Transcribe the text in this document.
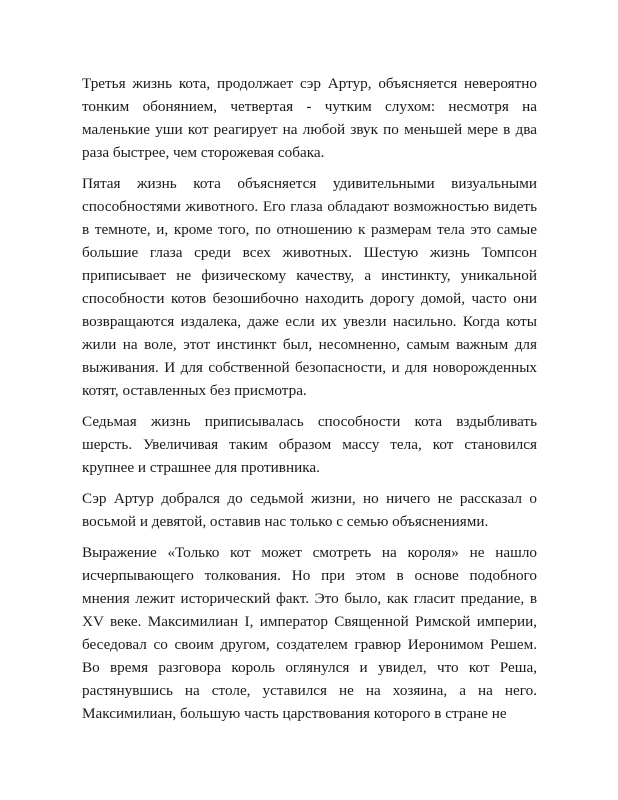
Третья жизнь кота, продолжает сэр Артур, объясняется невероятно тонким обонянием, четвертая - чутким слухом: несмотря на маленькие уши кот реагирует на любой звук по меньшей мере в два раза быстрее, чем сторожевая собака.

Пятая жизнь кота объясняется удивительными визуальными способностями животного. Его глаза обладают возможностью видеть в темноте, и, кроме того, по отношению к размерам тела это самые большие глаза среди всех животных. Шестую жизнь Томпсон приписывает не физическому качеству, а инстинкту, уникальной способности котов безошибочно находить дорогу домой, часто они возвращаются издалека, даже если их увезли насильно. Когда коты жили на воле, этот инстинкт был, несомненно, самым важным для выживания. И для собственной безопасности, и для новорожденных котят, оставленных без присмотра.

Седьмая жизнь приписывалась способности кота вздыбливать шерсть. Увеличивая таким образом массу тела, кот становился крупнее и страшнее для противника.

Сэр Артур добрался до седьмой жизни, но ничего не рассказал о восьмой и девятой, оставив нас только с семью объяснениями.

Выражение «Только кот может смотреть на короля» не нашло исчерпывающего толкования. Но при этом в основе подобного мнения лежит исторический факт. Это было, как гласит предание, в XV веке. Максимилиан I, император Священной Римской империи, беседовал со своим другом, создателем гравюр Иеронимом Решем. Во время разговора король оглянулся и увидел, что кот Реша, растянувшись на столе, уставился не на хозяина, а на него. Максимилиан, большую часть царствования которого в стране не
